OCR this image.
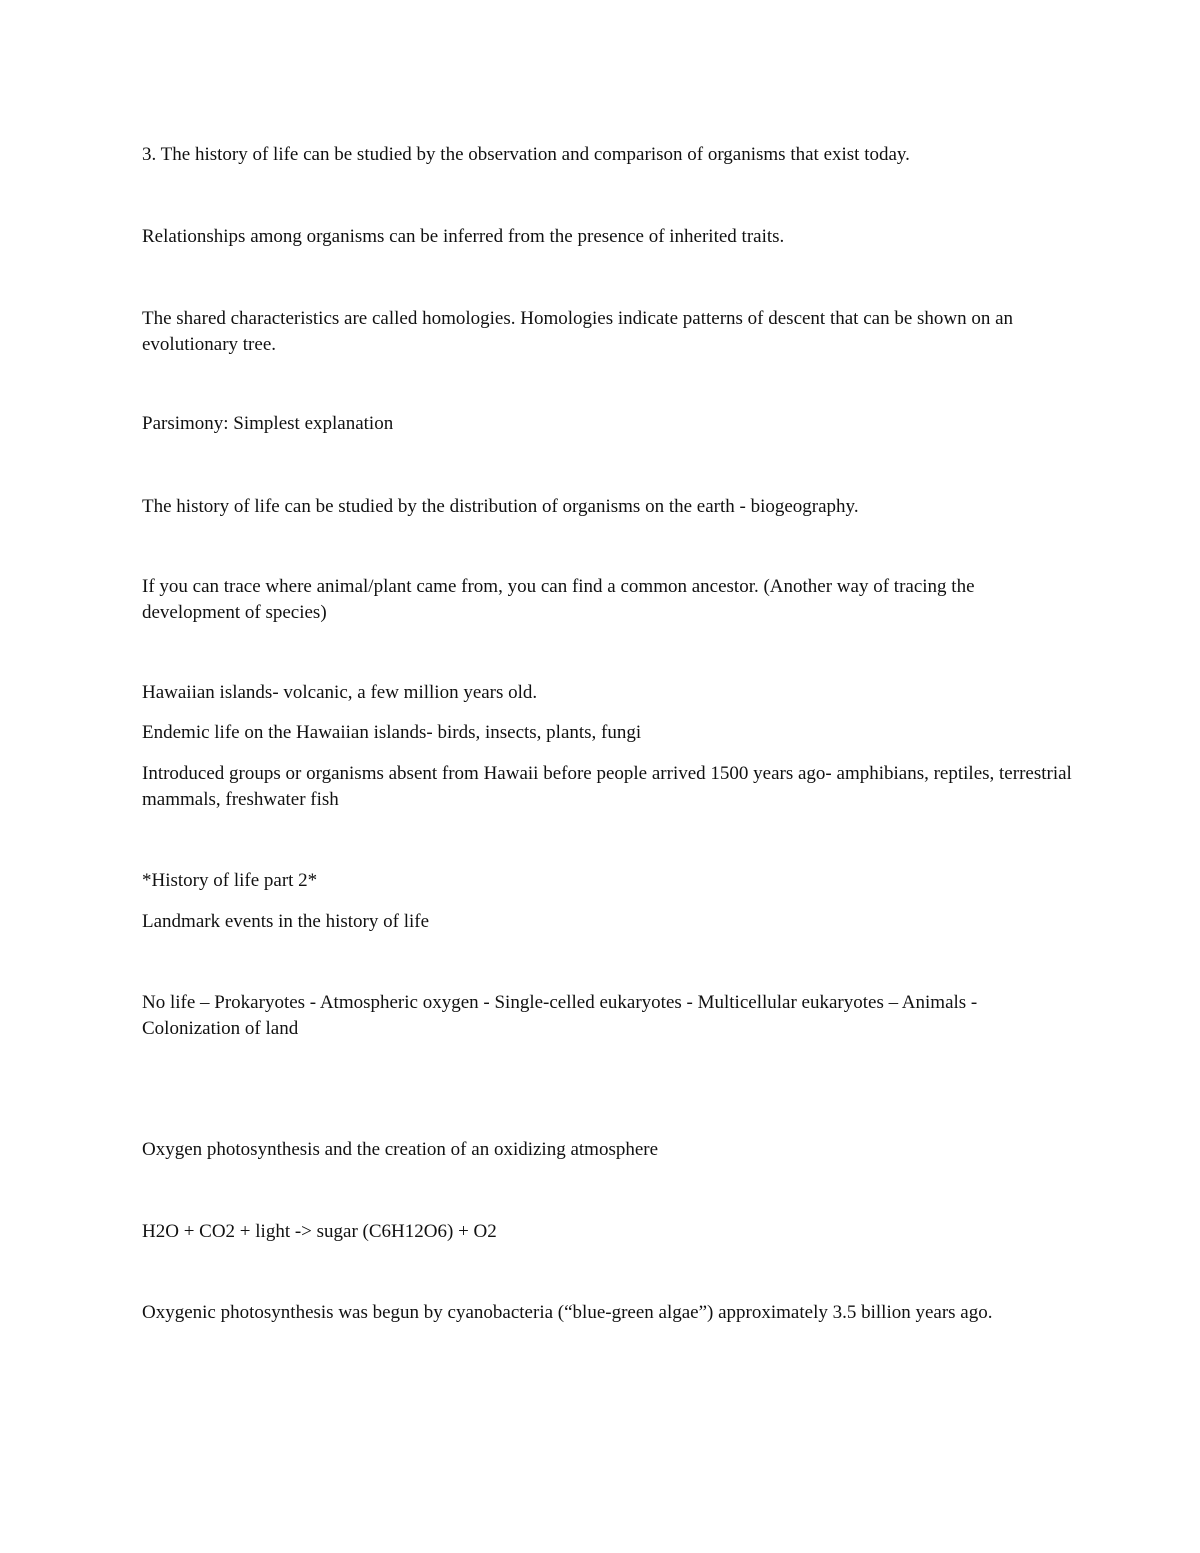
3. The history of life can be studied by the observation and comparison of organisms that exist today.

Relationships among organisms can be inferred from the presence of inherited traits.

The shared characteristics are called homologies. Homologies indicate patterns of descent that can be shown on an evolutionary tree.

Parsimony: Simplest explanation

The history of life can be studied by the distribution of organisms on the earth - biogeography.

If you can trace where animal/plant came from, you can find a common ancestor. (Another way of tracing the development of species)

Hawaiian islands- volcanic, a few million years old.

Endemic life on the Hawaiian islands- birds, insects, plants, fungi

Introduced groups or organisms absent from Hawaii before people arrived 1500 years ago- amphibians, reptiles, terrestrial mammals, freshwater fish

*History of life part 2*

Landmark events in the history of life

No life – Prokaryotes - Atmospheric oxygen - Single-celled eukaryotes - Multicellular eukaryotes – Animals - Colonization of land

Oxygen photosynthesis and the creation of an oxidizing atmosphere

H2O + CO2 + light -> sugar (C6H12O6) + O2

Oxygenic photosynthesis was begun by cyanobacteria (“blue-green algae”) approximately 3.5 billion years ago.
